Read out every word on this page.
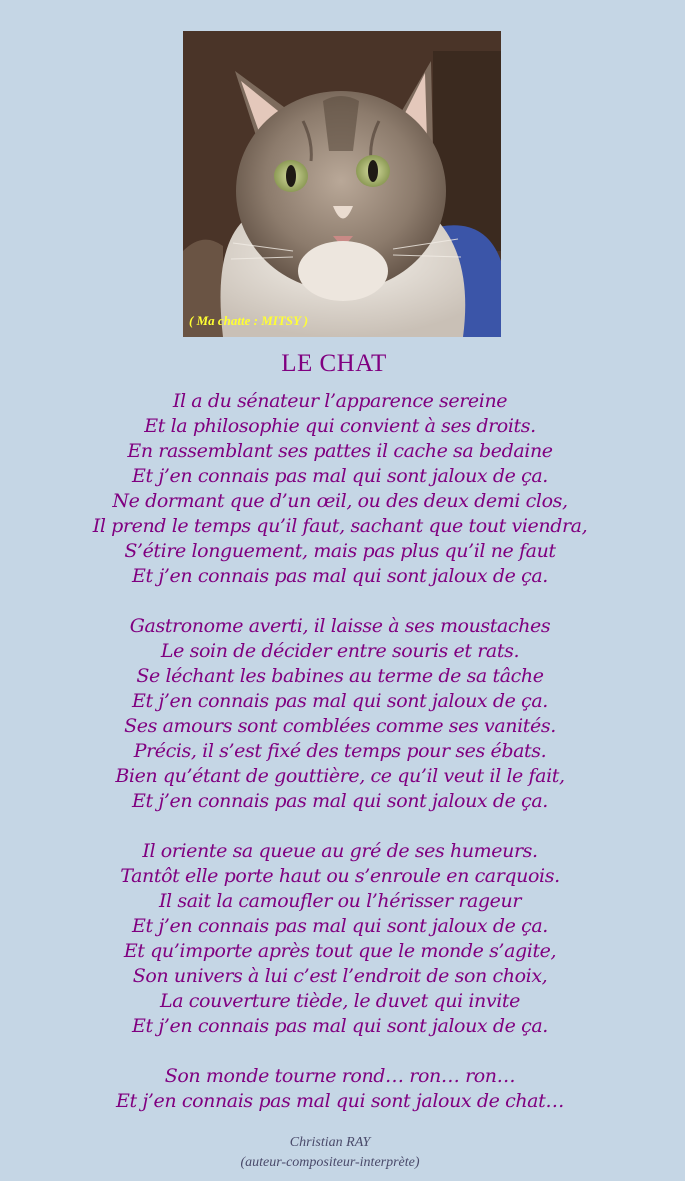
( Ma chatte : MITSY )
LE CHAT
Il a du sénateur l’apparence sereine
Et la philosophie qui convient à ses droits.
En rassemblant ses pattes il cache sa bedaine
Et j’en connais pas mal qui sont jaloux de ça.
Ne dormant que d’un œil, ou des deux demi clos,
Il prend le temps qu’il faut, sachant que tout viendra,
S’étire longuement, mais pas plus qu’il ne faut
Et j’en connais pas mal qui sont jaloux de ça.
Gastronome averti, il laisse à ses moustaches
Le soin de décider entre souris et rats.
Se léchant les babines au terme de sa tâche
Et j’en connais pas mal qui sont jaloux de ça.
Ses amours sont comblées comme ses vanités.
Précis, il s’est fixé des temps pour ses ébats.
Bien qu’étant de gouttière, ce qu’il veut il le fait,
Et j’en connais pas mal qui sont jaloux de ça.
Il oriente sa queue au gré de ses humeurs.
Tantôt elle porte haut ou s’enroule en carquois.
Il sait la camoufler ou l’hérisser rageur
Et j’en connais pas mal qui sont jaloux de ça.
Et qu’importe après tout que le monde s’agite,
Son univers à lui c’est l’endroit de son choix,
La couverture tiède, le duvet qui invite
Et j’en connais pas mal qui sont jaloux de ça.
Son monde tourne rond… ron… ron…
Et j’en connais pas mal qui sont jaloux de chat…
Christian RAY
(auteur-compositeur-interprète)
